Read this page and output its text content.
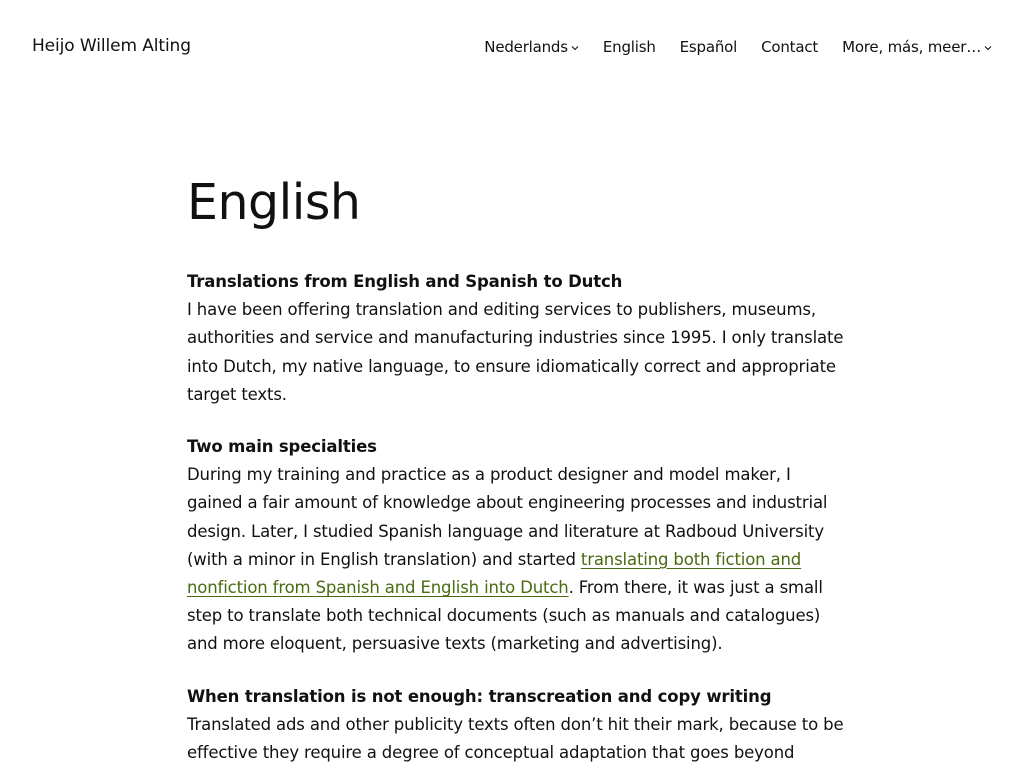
Heijo Willem Alting	Nederlands English Español Contact More, más, meer…
English

Translations from English and Spanish to Dutch
I have been offering translation and editing services to publishers, museums, authorities and service and manufacturing industries since 1995. I only translate into Dutch, my native language, to ensure idiomatically correct and appropriate target texts.

Two main specialties
During my training and practice as a product designer and model maker, I gained a fair amount of knowledge about engineering processes and industrial design. Later, I studied Spanish language and literature at Radboud University (with a minor in English translation) and started translating both fiction and nonfiction from Spanish and English into Dutch. From there, it was just a small step to translate both technical documents (such as manuals and catalogues) and more eloquent, persuasive texts (marketing and advertising).

When translation is not enough: transcreation and copy writing
Translated ads and other publicity texts often don’t hit their mark, because to be effective they require a degree of conceptual adaptation that goes beyond
